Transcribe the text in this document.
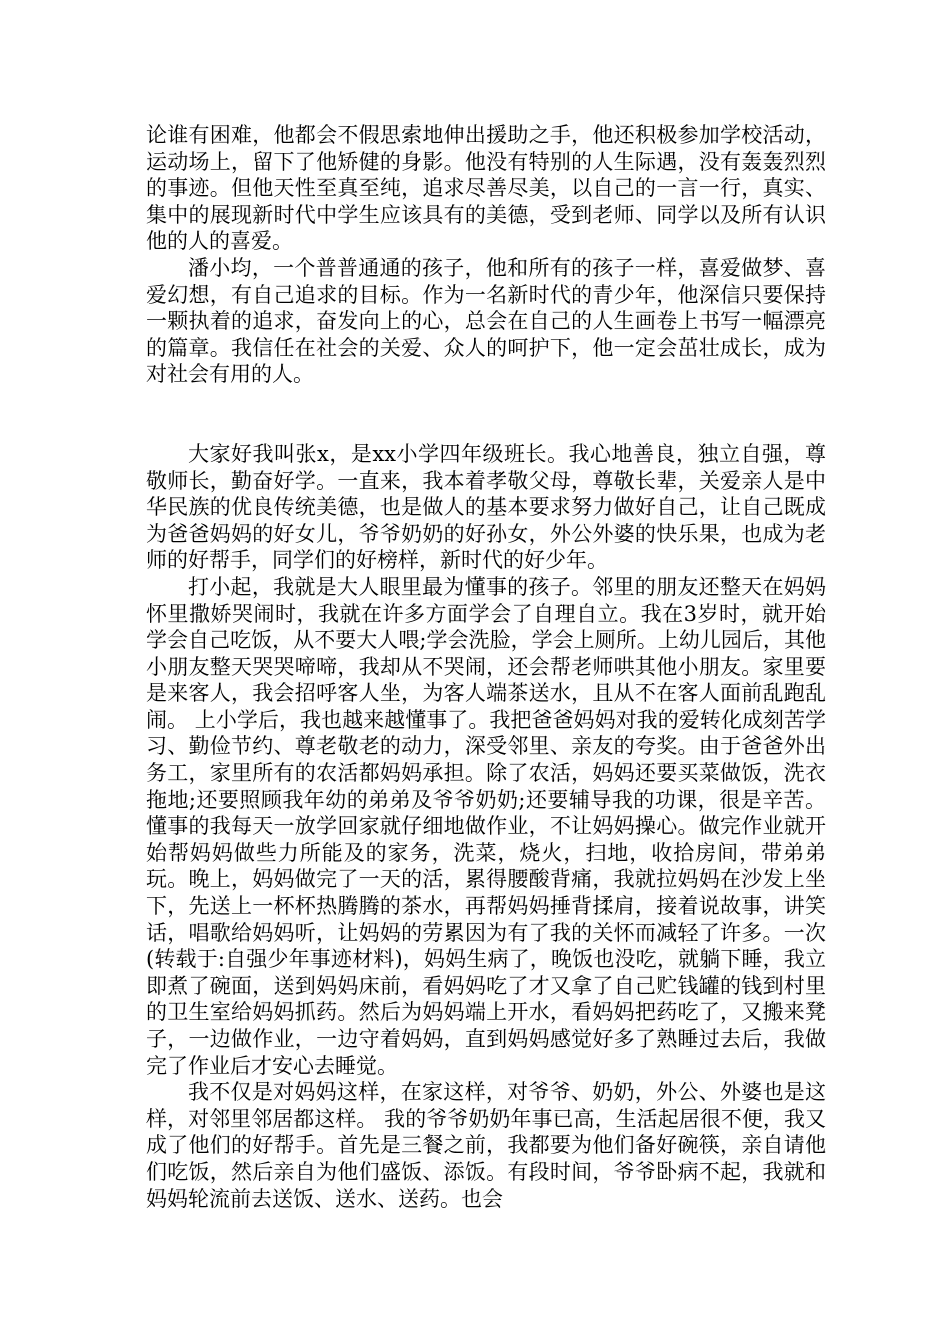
论谁有困难，他都会不假思索地伸出援助之手，他还积极参加学校活动，运动场上，留下了他矫健的身影。他没有特别的人生际遇，没有轰轰烈烈的事迹。但他天性至真至纯，追求尽善尽美，以自己的一言一行，真实、集中的展现新时代中学生应该具有的美德，受到老师、同学以及所有认识他的人的喜爱。

潘小均，一个普普通通的孩子，他和所有的孩子一样，喜爱做梦、喜爱幻想，有自己追求的目标。作为一名新时代的青少年，他深信只要保持一颗执着的追求，奋发向上的心，总会在自己的人生画卷上书写一幅漂亮的篇章。我信任在社会的关爱、众人的呵护下，他一定会茁壮成长，成为对社会有用的人。

大家好我叫张x，是xx小学四年级班长。我心地善良，独立自强，尊敬师长，勤奋好学。一直来，我本着孝敬父母，尊敬长辈，关爱亲人是中华民族的优良传统美德，也是做人的基本要求努力做好自己，让自己既成为爸爸妈妈的好女儿，爷爷奶奶的好孙女，外公外婆的快乐果，也成为老师的好帮手，同学们的好榜样，新时代的好少年。

打小起，我就是大人眼里最为懂事的孩子。邻里的朋友还整天在妈妈怀里撒娇哭闹时，我就在许多方面学会了自理自立。我在3岁时，就开始学会自己吃饭，从不要大人喂;学会洗脸，学会上厕所。上幼儿园后，其他小朋友整天哭哭啼啼，我却从不哭闹，还会帮老师哄其他小朋友。家里要是来客人，我会招呼客人坐，为客人端茶送水，且从不在客人面前乱跑乱闹。 上小学后，我也越来越懂事了。我把爸爸妈妈对我的爱转化成刻苦学习、勤俭节约、尊老敬老的动力，深受邻里、亲友的夸奖。由于爸爸外出务工，家里所有的农活都妈妈承担。除了农活，妈妈还要买菜做饭，洗衣拖地;还要照顾我年幼的弟弟及爷爷奶奶;还要辅导我的功课，很是辛苦。懂事的我每天一放学回家就仔细地做作业，不让妈妈操心。做完作业就开始帮妈妈做些力所能及的家务，洗菜，烧火，扫地，收拾房间，带弟弟玩。晚上，妈妈做完了一天的活，累得腰酸背痛，我就拉妈妈在沙发上坐下，先送上一杯杯热腾腾的茶水，再帮妈妈捶背揉肩，接着说故事，讲笑话，唱歌给妈妈听，让妈妈的劳累因为有了我的关怀而减轻了许多。一次(转载于:自强少年事迹材料)，妈妈生病了，晚饭也没吃，就躺下睡，我立即煮了碗面，送到妈妈床前，看妈妈吃了才又拿了自己贮钱罐的钱到村里的卫生室给妈妈抓药。然后为妈妈端上开水，看妈妈把药吃了，又搬来凳子，一边做作业，一边守着妈妈，直到妈妈感觉好多了熟睡过去后，我做完了作业后才安心去睡觉。

我不仅是对妈妈这样，在家这样，对爷爷、奶奶，外公、外婆也是这样，对邻里邻居都这样。 我的爷爷奶奶年事已高，生活起居很不便，我又成了他们的好帮手。首先是三餐之前，我都要为他们备好碗筷，亲自请他们吃饭，然后亲自为他们盛饭、添饭。有段时间，爷爷卧病不起，我就和妈妈轮流前去送饭、送水、送药。也会
